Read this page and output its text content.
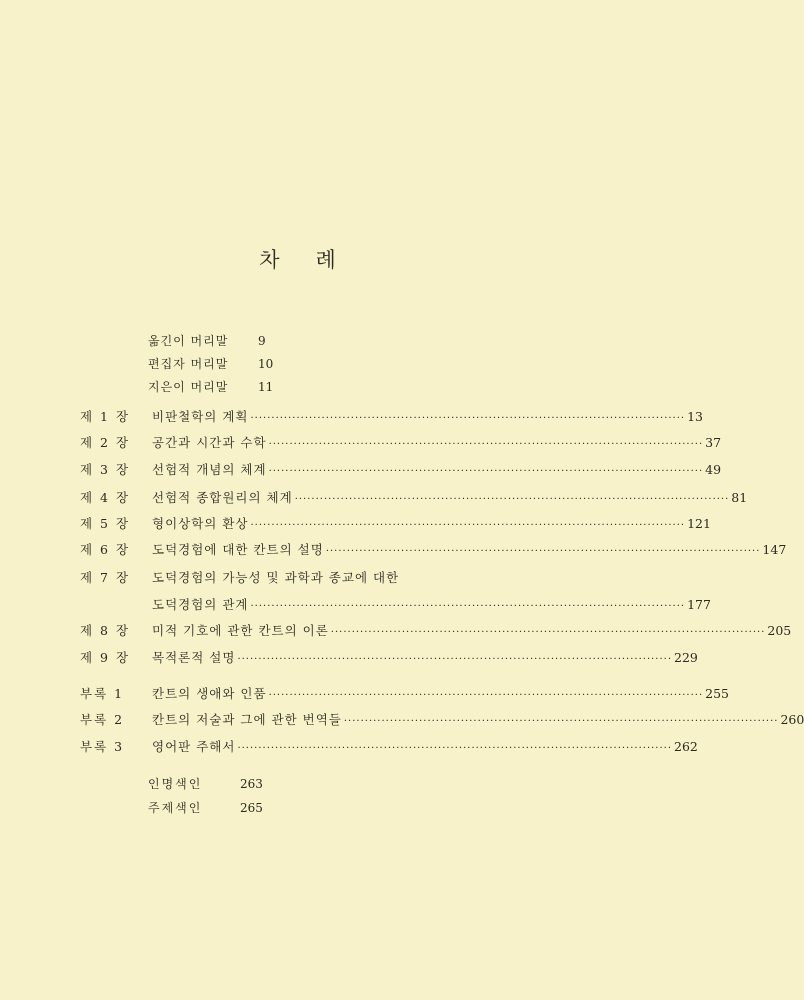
차 례
옮긴이 머리말 9
편집자 머리말 10
지은이 머리말 11
제 1 장 비판철학의 계획 ········································································································ 13
제 2 장 공간과 시간과 수학 ········································································································ 37
제 3 장 선험적 개념의 체계 ········································································································ 49
제 4 장 선험적 종합원리의 체계 ········································································································ 81
제 5 장 형이상학의 환상 ········································································································ 121
제 6 장 도덕경험에 대한 칸트의 설명 ········································································································ 147
제 7 장 도덕경험의 가능성 및 과학과 종교에 대한
도덕경험의 관계 ········································································································ 177
제 8 장 미적 기호에 관한 칸트의 이론 ········································································································ 205
제 9 장 목적론적 설명 ········································································································ 229
부록 1 칸트의 생애와 인품 ········································································································ 255
부록 2 칸트의 저술과 그에 관한 번역들 ········································································································ 260
부록 3 영어판 주해서 ········································································································ 262
인명색인	263
주제색인	265
